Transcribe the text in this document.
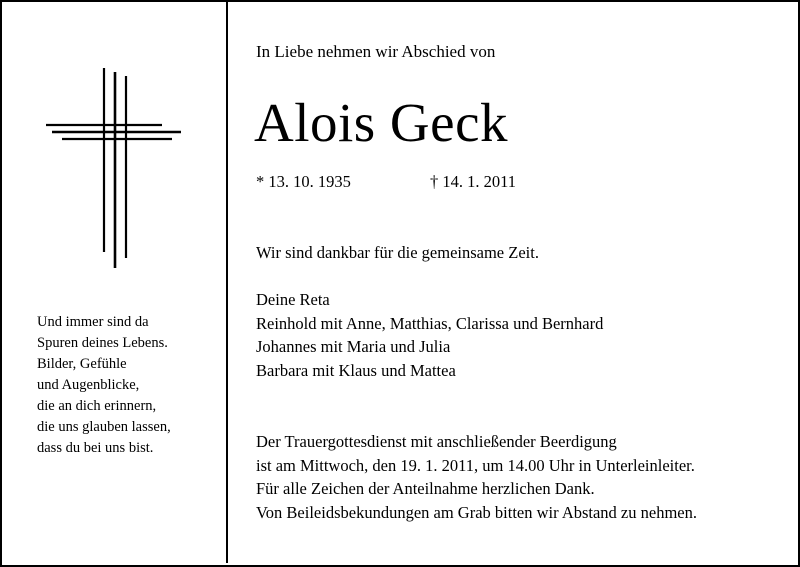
Und immer sind da
Spuren deines Lebens.
Bilder, Gefühle
und Augenblicke,
die an dich erinnern,
die uns glauben lassen,
dass du bei uns bist.
In Liebe nehmen wir Abschied von
Alois Geck
* 13. 10. 1935	† 14. 1. 2011
Wir sind dankbar für die gemeinsame Zeit.
Deine Reta
Reinhold mit Anne, Matthias, Clarissa und Bernhard
Johannes mit Maria und Julia
Barbara mit Klaus und Mattea
Der Trauergottesdienst mit anschließender Beerdigung
ist am Mittwoch, den 19. 1. 2011, um 14.00 Uhr in Unterleinleiter.
Für alle Zeichen der Anteilnahme herzlichen Dank.
Von Beileidsbekundungen am Grab bitten wir Abstand zu nehmen.
